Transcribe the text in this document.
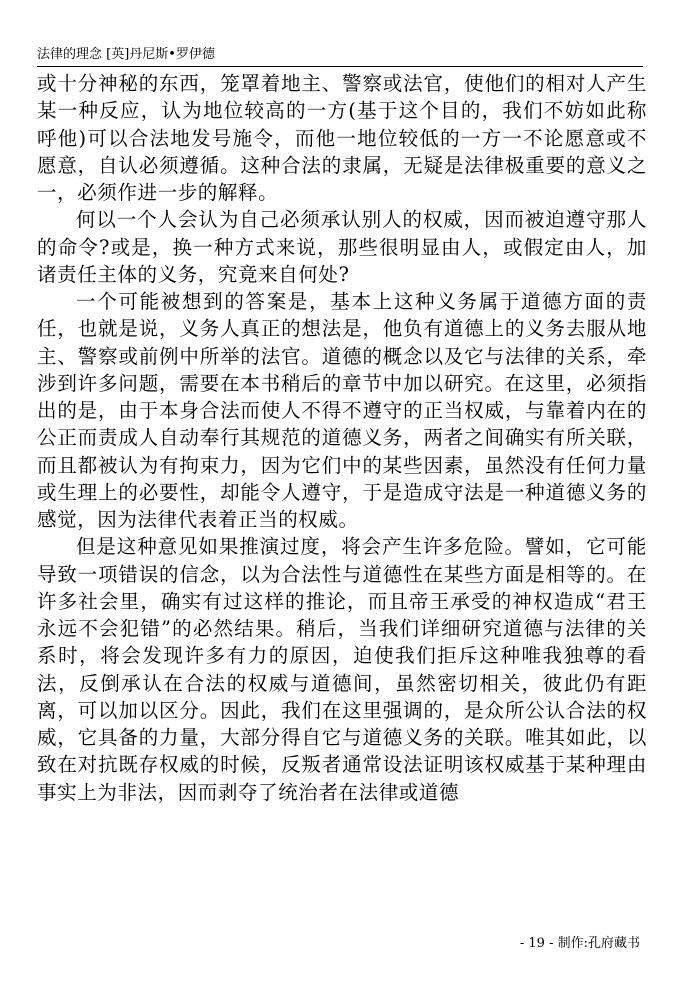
法律的理念 [英]丹尼斯•罗伊德

或十分神秘的东西，笼罩着地主、警察或法官，使他们的相对人产生某一种反应，认为地位较高的一方(基于这个目的，我们不妨如此称呼他)可以合法地发号施令，而他一地位较低的一方一不论愿意或不愿意，自认必须遵循。这种合法的隶属，无疑是法律极重要的意义之一，必须作进一步的解释。

何以一个人会认为自己必须承认别人的权威，因而被迫遵守那人的命令?或是，换一种方式来说，那些很明显由人，或假定由人，加诸责任主体的义务，究竟来自何处?

一个可能被想到的答案是，基本上这种义务属于道德方面的责任，也就是说，义务人真正的想法是，他负有道德上的义务去服从地主、警察或前例中所举的法官。道德的概念以及它与法律的关系，牵涉到许多问题，需要在本书稍后的章节中加以研究。在这里，必须指出的是，由于本身合法而使人不得不遵守的正当权威，与靠着内在的公正而责成人自动奉行其规范的道德义务，两者之间确实有所关联，而且都被认为有拘束力，因为它们中的某些因素，虽然没有任何力量或生理上的必要性，却能令人遵守，于是造成守法是一种道德义务的感觉，因为法律代表着正当的权威。

但是这种意见如果推演过度，将会产生许多危险。譬如，它可能导致一项错误的信念，以为合法性与道德性在某些方面是相等的。在许多社会里，确实有过这样的推论，而且帝王承受的神权造成“君王永远不会犯错”的必然结果。稍后，当我们详细研究道德与法律的关系时，将会发现许多有力的原因，迫使我们拒斥这种唯我独尊的看法，反倒承认在合法的权威与道德间，虽然密切相关，彼此仍有距离，可以加以区分。因此，我们在这里强调的，是众所公认合法的权威，它具备的力量，大部分得自它与道德义务的关联。唯其如此，以致在对抗既存权威的时候，反叛者通常设法证明该权威基于某种理由事实上为非法，因而剥夺了统治者在法律或道德

- 19 - 制作:孔府藏书
